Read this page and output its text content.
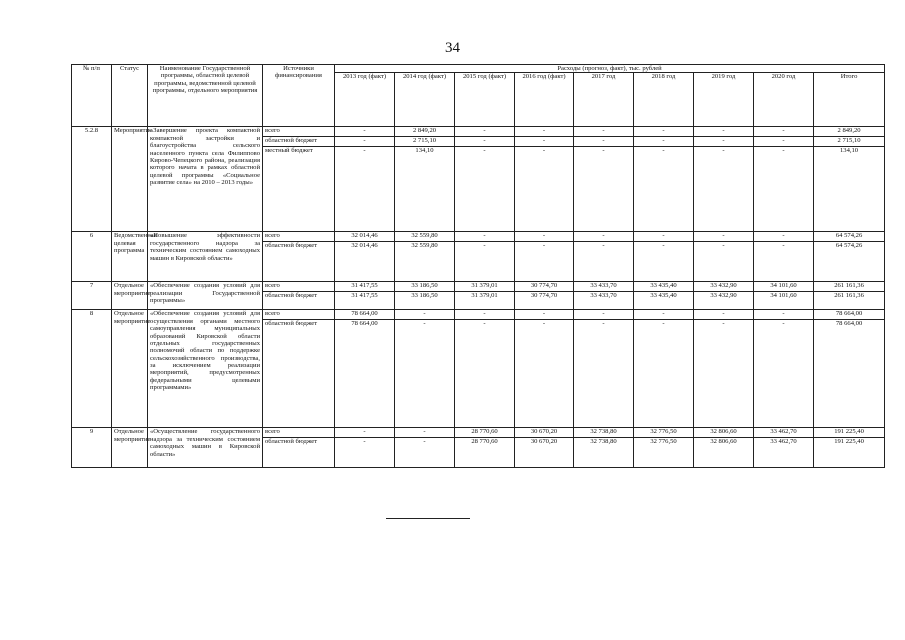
34
№ п/п	Статус	Наименование Государственной программы, областной целевой программы, ведомственной целевой программы, отдельного мероприятия	Источники финансирования	Расходы (прогноз, факт), тыс. рублей								
				2013 год (факт)	2014 год (факт)	2015 год (факт)	2016 год (факт)	2017 год	2018 год	2019 год	2020 год	Итого
5.2.8	Мероприятие	«Завершение проекта компактной компактной застройки и благоустройства сельского населенного пункта села Филиппово Кирово-Чепецкого района, реализация которого начата в рамках областной целевой программы «Социальное развитие села» на 2010 – 2013 годы»	всего	-	2 849,20	-	-	-	-	-	-	2 849,20
			областной бюджет	-	2 715,10	-	-	-	-	-	-	2 715,10
			местный бюджет	-	134,10	-	-	-	-	-	-	134,10
6	Ведомственная целевая программа	«Повышение эффективности государственного надзора за техническим состоянием самоходных машин в Кировской области»	всего	32 014,46	32 559,80	-	-	-	-	-	-	64 574,26
			областной бюджет	32 014,46	32 559,80	-	-	-	-	-	-	64 574,26
7	Отдельное мероприятие	«Обеспечение создания условий для реализации Государственной программы»	всего	31 417,55	33 186,50	31 379,01	30 774,70	33 433,70	33 435,40	33 432,90	34 101,60	261 161,36
			областной бюджет	31 417,55	33 186,50	31 379,01	30 774,70	33 433,70	33 435,40	33 432,90	34 101,60	261 161,36
8	Отдельное мероприятие	«Обеспечение создания условий для осуществления органами местного самоуправления муниципальных образований Кировской области отдельных государственных полномочий области по поддержке сельскохозяйственного производства, за исключением реализации мероприятий, предусмотренных федеральными целевыми программами»	всего	78 664,00	-	-	-	-	-	-	-	78 664,00
			областной бюджет	78 664,00	-	-	-	-	-	-	-	78 664,00
9	Отдельное мероприятие	«Осуществление государственного надзора за техническим состоянием самоходных машин в Кировской области»	всего	-	-	28 770,60	30 670,20	32 738,80	32 776,50	32 806,60	33 462,70	191 225,40
			областной бюджет	-	-	28 770,60	30 670,20	32 738,80	32 776,50	32 806,60	33 462,70	191 225,40
